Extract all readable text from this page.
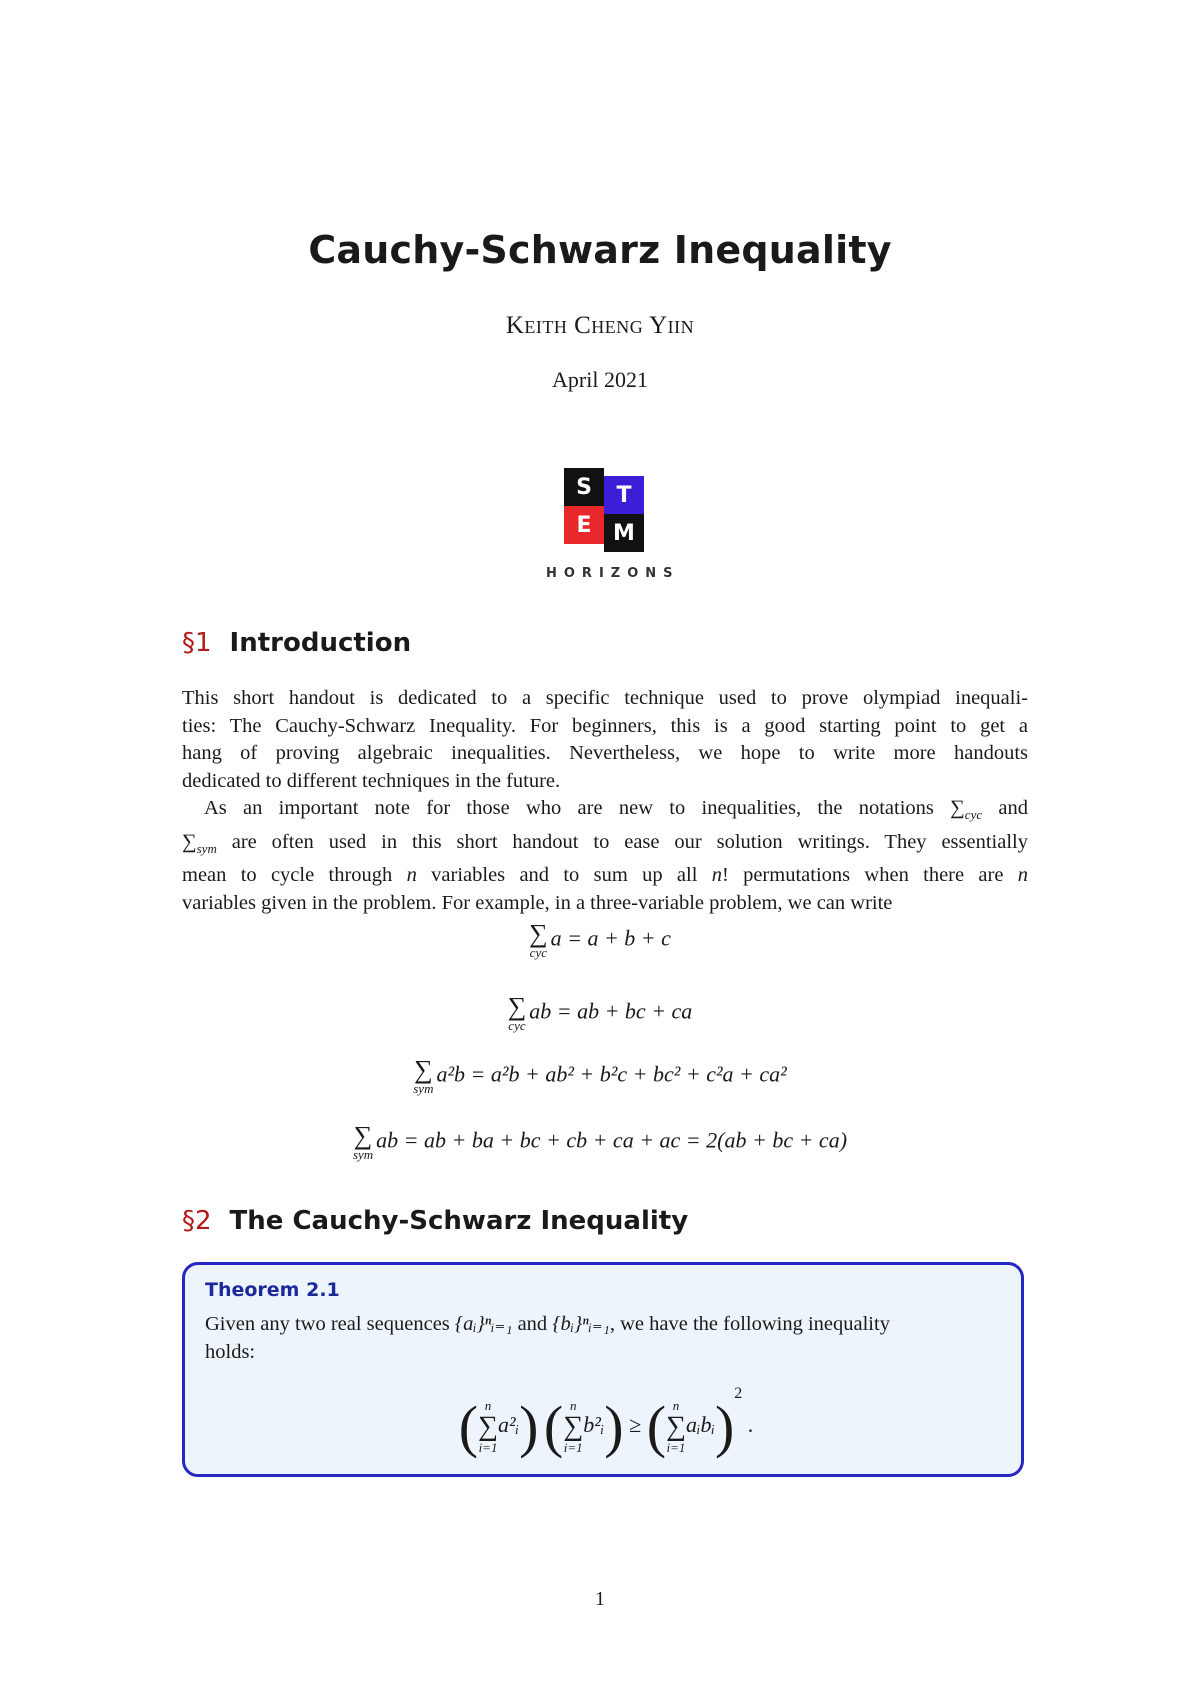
Cauchy-Schwarz Inequality
Keith Cheng Yiin
April 2021
S	T
E M
HORIZONS
§1 Introduction
This short handout is dedicated to a specific technique used to prove olympiad inequali-
ties: The Cauchy-Schwarz Inequality. For beginners, this is a good starting point to get a
hang of proving algebraic inequalities. Nevertheless, we hope to write more handouts
dedicated to different techniques in the future.
As an important note for those who are new to inequalities, the notations $\sum_{cyc}$ and
$\sum_{sym}$ are often used in this short handout to ease our solution writings. They essentially
mean to cycle through n variables and to sum up all n! permutations when there are n
variables given in the problem. For example, in a three-variable problem, we can write
∑
cyc
a = a + b + c
∑
cyc
ab = ab + bc + ca
∑
sym
a²b = a²b + ab² + b²c + bc² + c²a + ca²
∑
sym
ab = ab + ba + bc + cb + ca + ac = 2(ab + bc + ca)
§2 The Cauchy-Schwarz Inequality
Theorem 2.1
Given any two real sequences {aᵢ}ⁿᵢ₌₁ and {bᵢ}ⁿᵢ₌₁, we have the following inequality
holds:
( n
∑
i=1
a²ᵢ) ( n
∑
i=1
b²ᵢ) ≥ ( n
∑
i=1
aᵢbᵢ)$^2$ .
1
